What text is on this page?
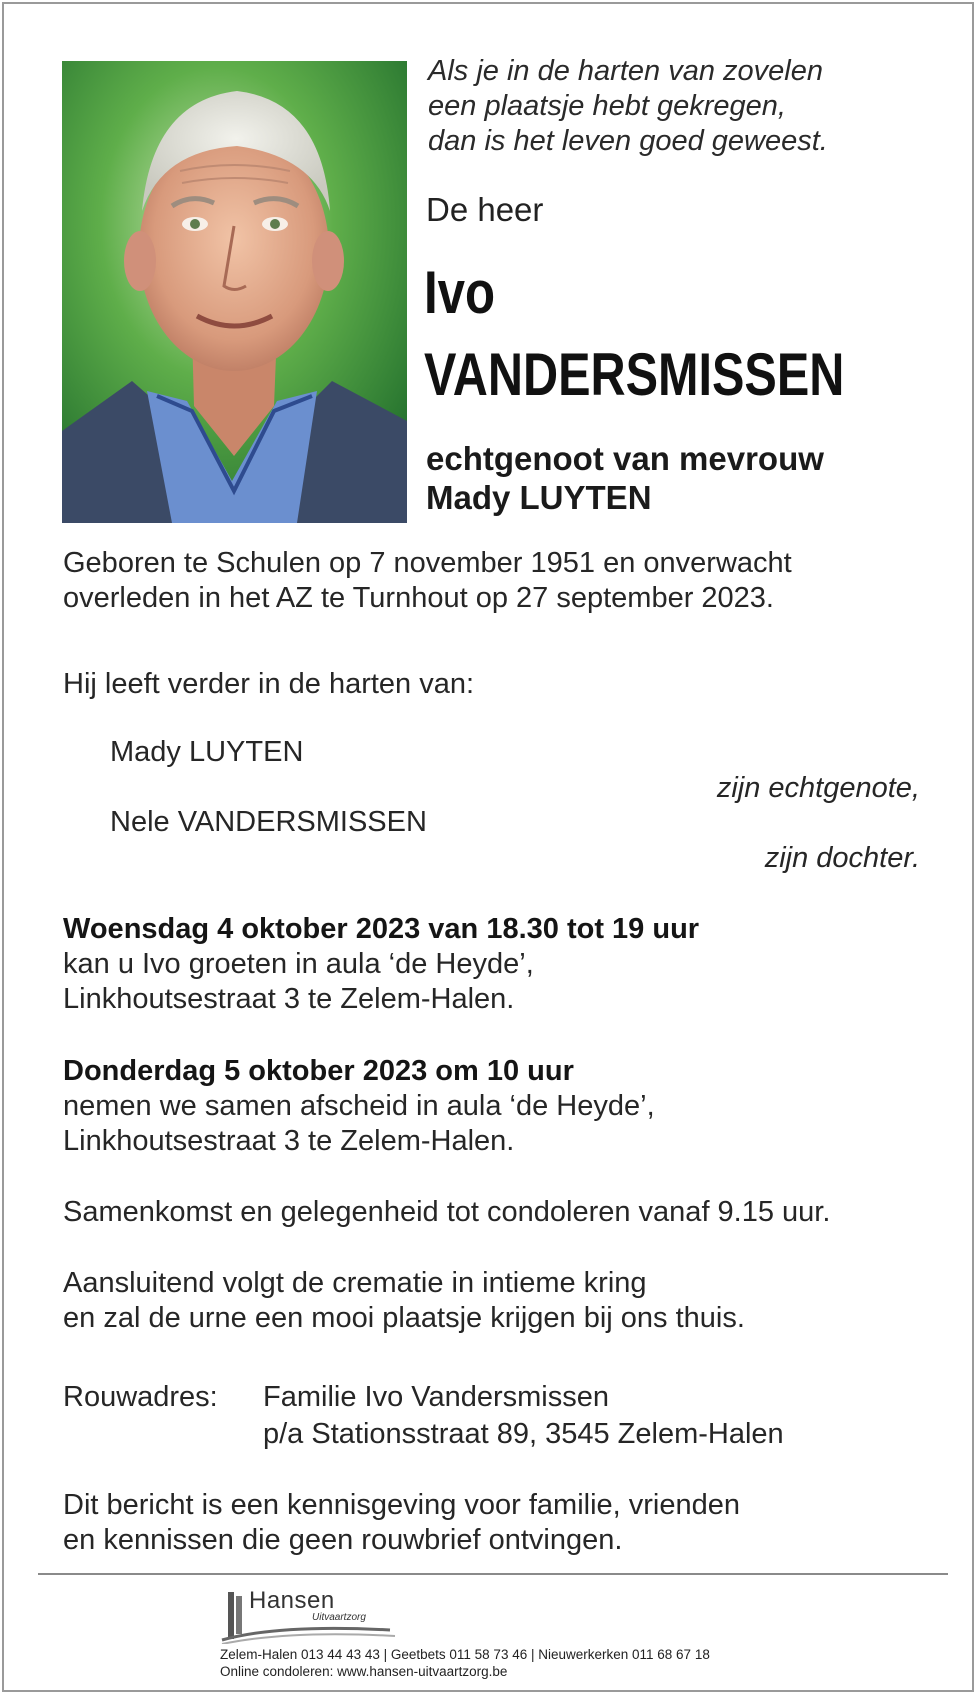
Als je in de harten van zovelen
een plaatsje hebt gekregen,
dan is het leven goed geweest.
De heer
Ivo
VANDERSMISSEN
echtgenoot van mevrouw
Mady LUYTEN
Geboren te Schulen op 7 november 1951 en onverwacht
overleden in het AZ te Turnhout op 27 september 2023.
Hij leeft verder in de harten van:
Mady LUYTEN
zijn echtgenote,
Nele VANDERSMISSEN
zijn dochter.
Woensdag 4 oktober 2023 van 18.30 tot 19 uur
kan u Ivo groeten in aula ‘de Heyde’,
Linkhoutsestraat 3 te Zelem-Halen.
Donderdag 5 oktober 2023 om 10 uur
nemen we samen afscheid in aula ‘de Heyde’,
Linkhoutsestraat 3 te Zelem-Halen.
Samenkomst en gelegenheid tot condoleren vanaf 9.15 uur.
Aansluitend volgt de crematie in intieme kring
en zal de urne een mooi plaatsje krijgen bij ons thuis.
Rouwadres: Familie Ivo Vandersmissen
p/a Stationsstraat 89, 3545 Zelem-Halen
Dit bericht is een kennisgeving voor familie, vrienden
en kennissen die geen rouwbrief ontvingen.
Hansen
Uitvaartzorg
Zelem-Halen 013 44 43 43 | Geetbets 011 58 73 46 | Nieuwerkerken 011 68 67 18
Online condoleren: www.hansen-uitvaartzorg.be
